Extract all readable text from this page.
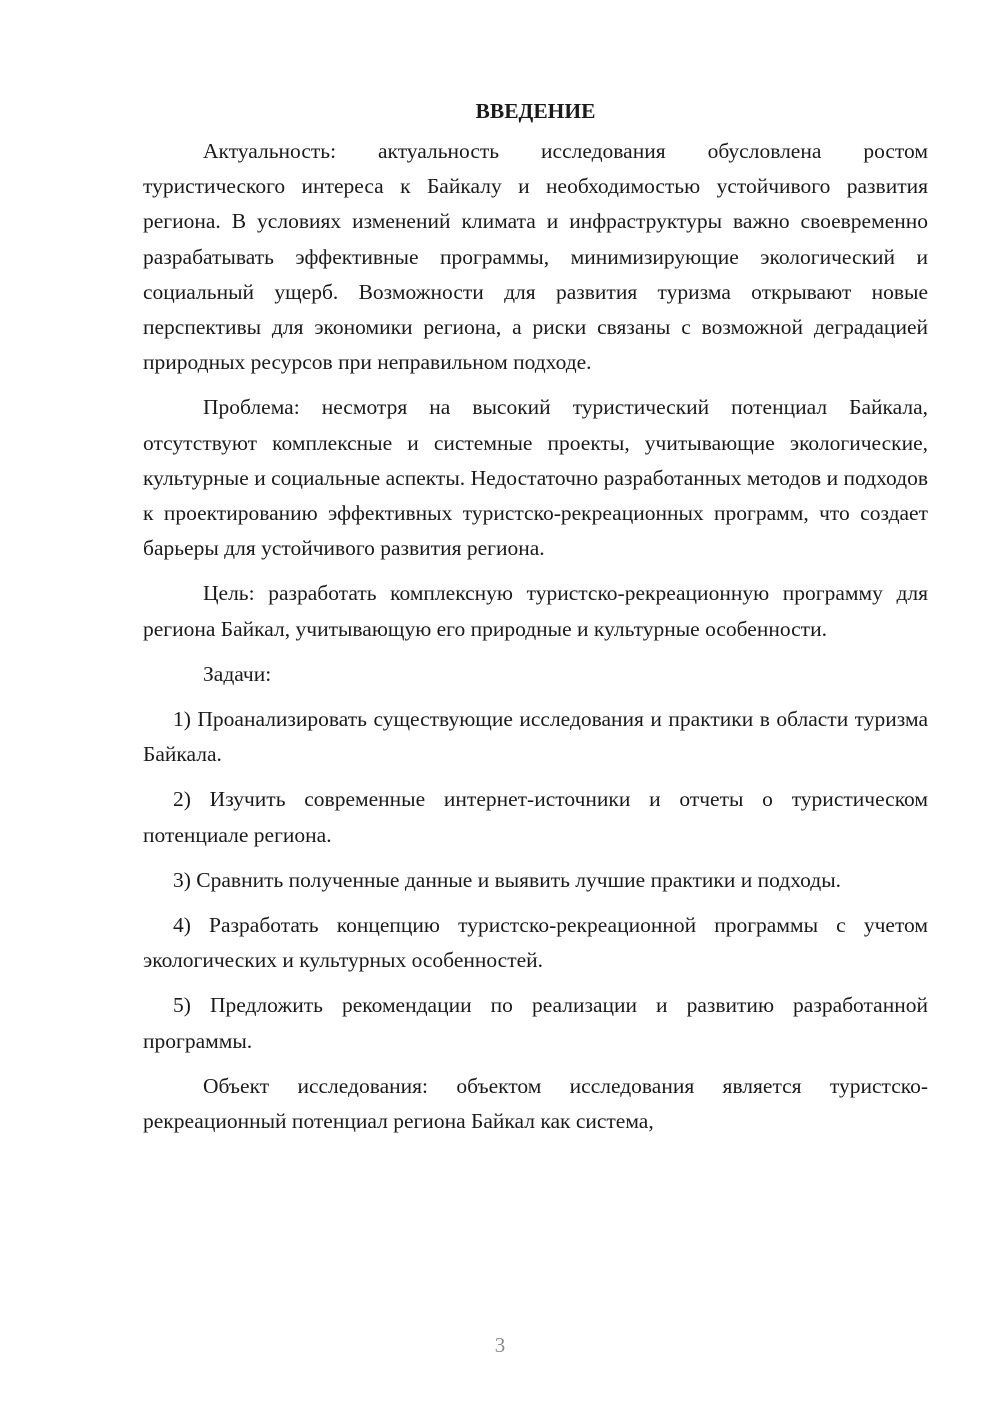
ВВЕДЕНИЕ

Актуальность: актуальность исследования обусловлена ростом туристического интереса к Байкалу и необходимостью устойчивого развития региона. В условиях изменений климата и инфраструктуры важно своевременно разрабатывать эффективные программы, минимизирующие экологический и социальный ущерб. Возможности для развития туризма открывают новые перспективы для экономики региона, а риски связаны с возможной деградацией природных ресурсов при неправильном подходе.

Проблема: несмотря на высокий туристический потенциал Байкала, отсутствуют комплексные и системные проекты, учитывающие экологические, культурные и социальные аспекты. Недостаточно разработанных методов и подходов к проектированию эффективных туристско-рекреационных программ, что создает барьеры для устойчивого развития региона.

Цель: разработать комплексную туристско-рекреационную программу для региона Байкал, учитывающую его природные и культурные особенности.

Задачи:

1) Проанализировать существующие исследования и практики в области туризма Байкала.

2) Изучить современные интернет-источники и отчеты о туристическом потенциале региона.

3) Сравнить полученные данные и выявить лучшие практики и подходы.

4) Разработать концепцию туристско-рекреационной программы с учетом экологических и культурных особенностей.

5) Предложить рекомендации по реализации и развитию разработанной программы.

Объект исследования: объектом исследования является туристско-рекреационный потенциал региона Байкал как система,

3
